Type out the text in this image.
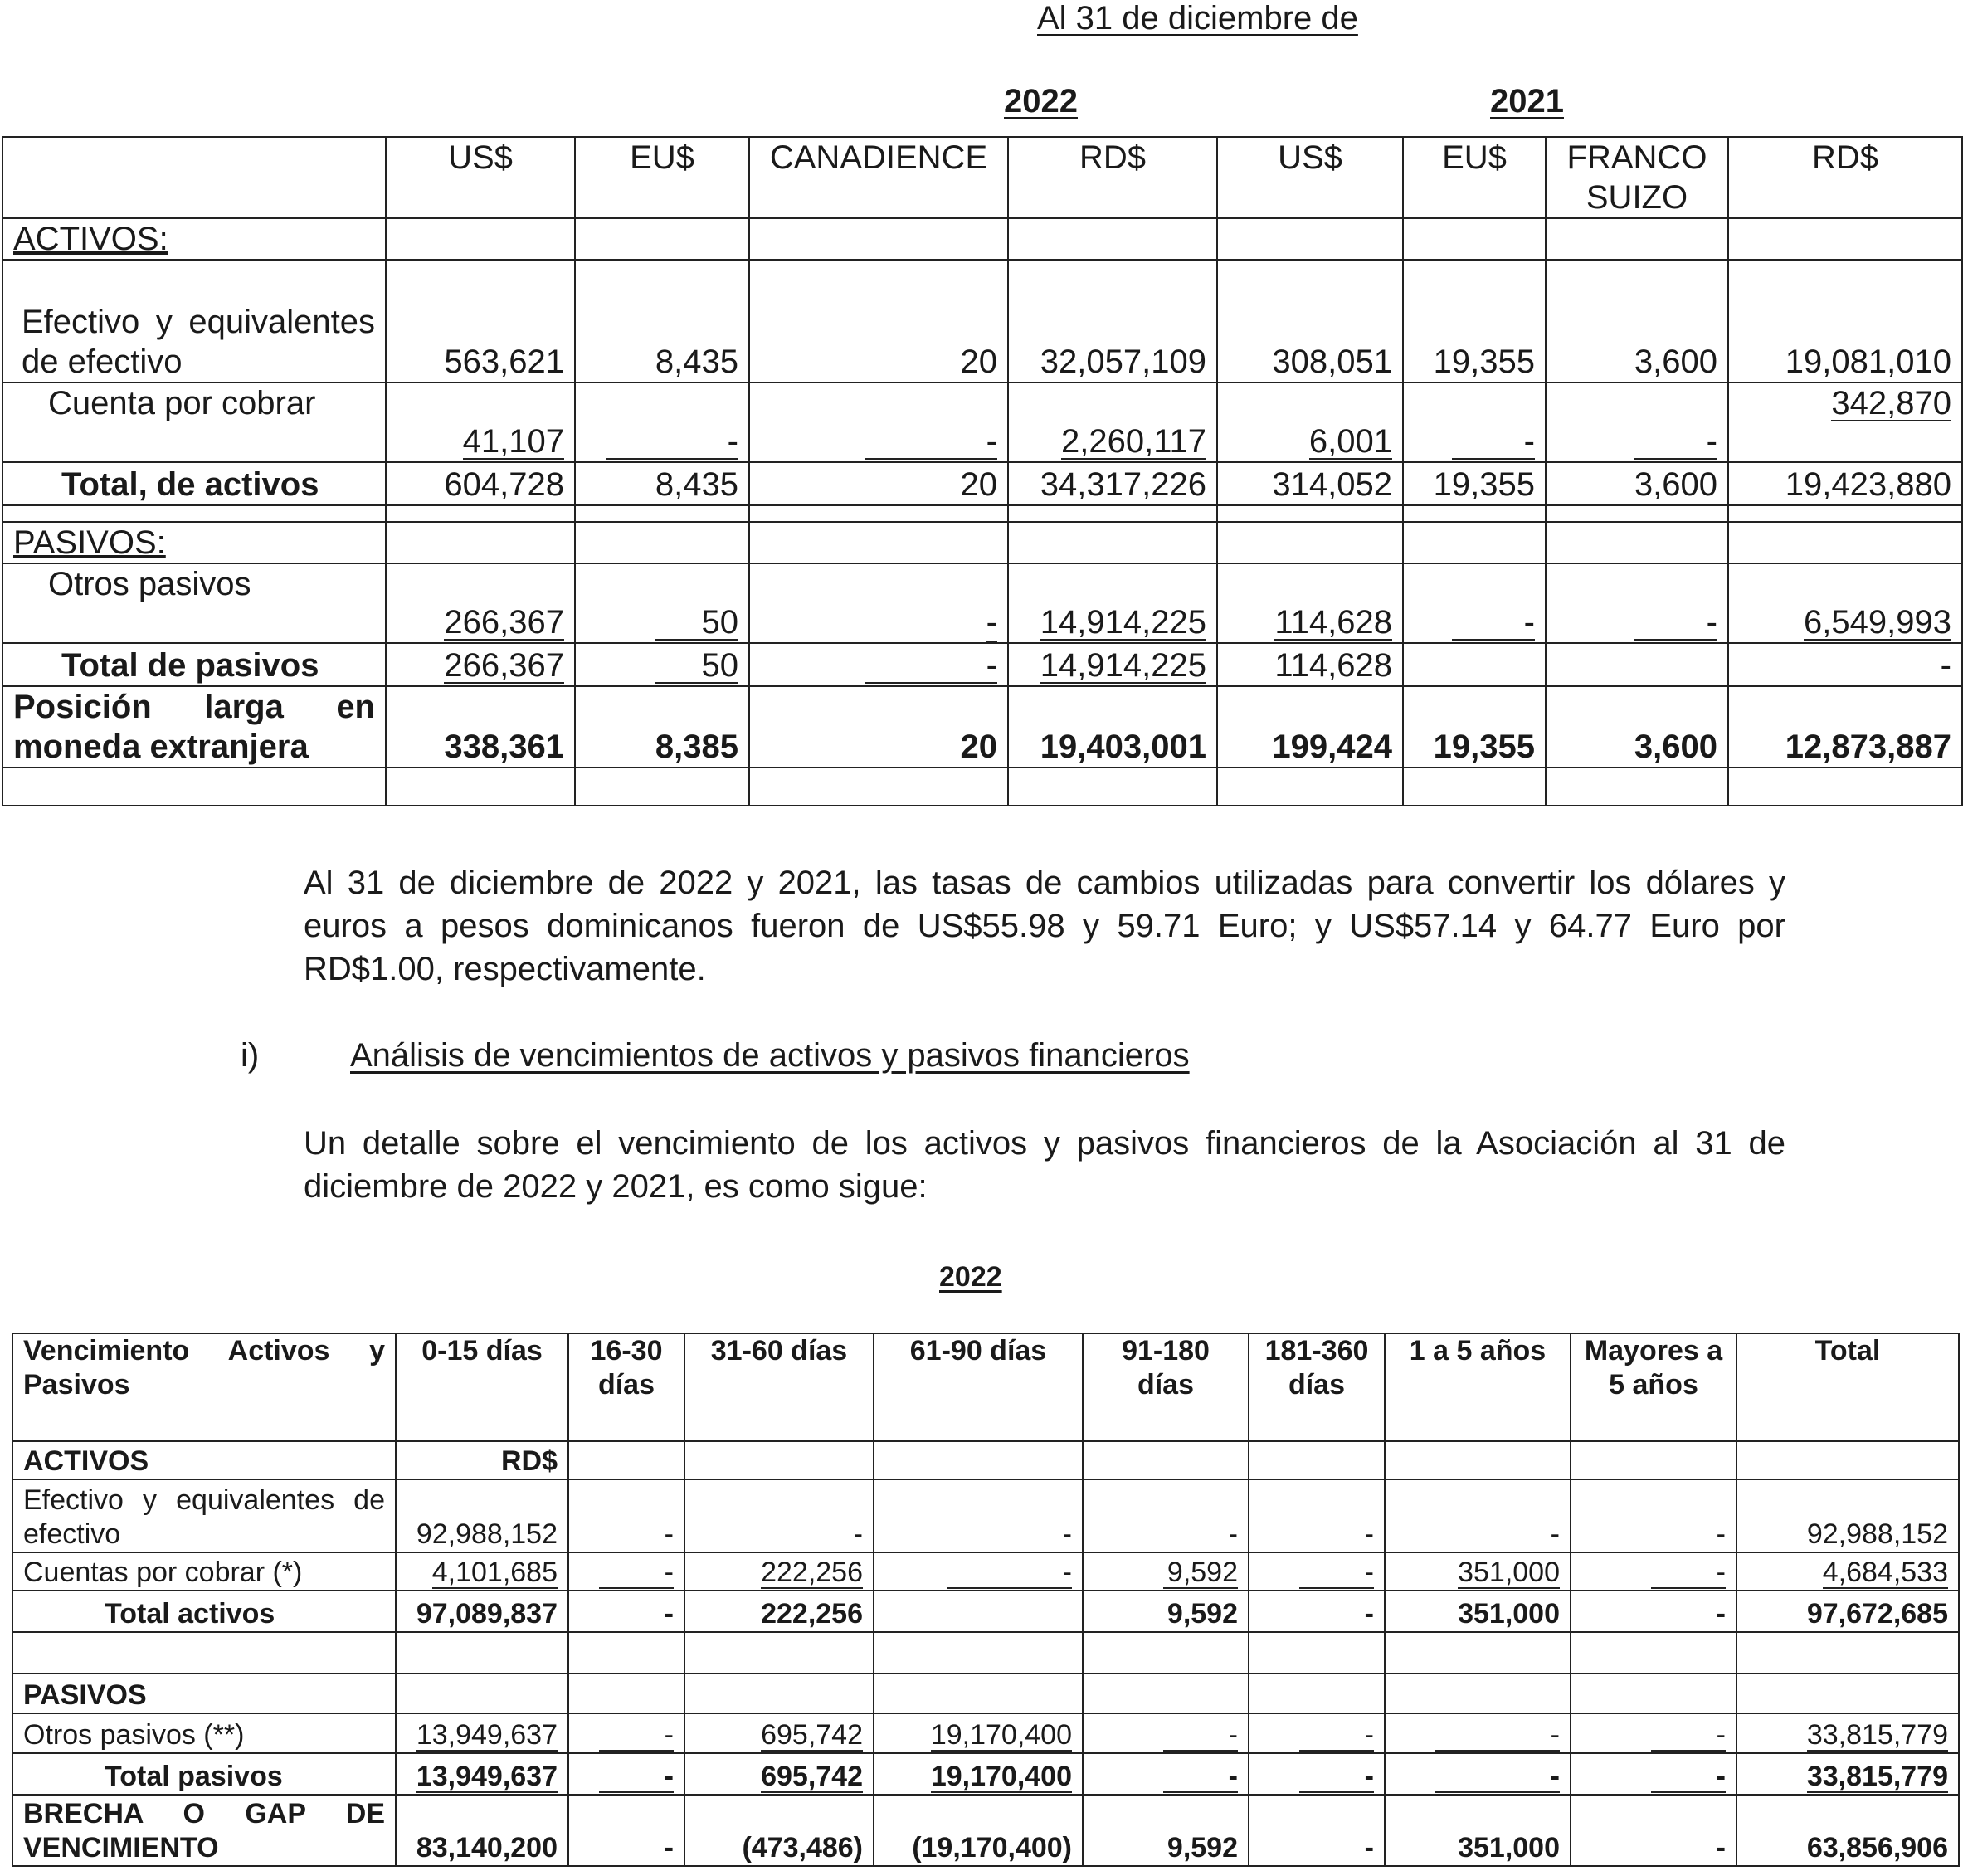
Al 31 de diciembre de
2022	2021
	US$	EU$	CANADIENCE	RD$	US$	EU$	FRANCO SUIZO	RD$
ACTIVOS:								

Efectivo y equivalentes de efectivo	563,621	8,435	20	32,057,109	308,051	19,355	3,600	19,081,010
Cuenta por cobrar	41,107	-	-	2,260,117	6,001	-	-	342,870
Total, de activos	604,728	8,435	20	34,317,226	314,052	19,355	3,600	19,423,880

PASIVOS:								
Otros pasivos	266,367	50	-	14,914,225	114,628	-	-	6,549,993
Total de pasivos	266,367	50	-	14,914,225	114,628			-

Posición larga en moneda extranjera	338,361	8,385	20	19,403,001	199,424	19,355	3,600	12,873,887

Al 31 de diciembre de 2022 y 2021, las tasas de cambios utilizadas para convertir los dólares y euros a pesos dominicanos fueron de US$55.98 y 59.71 Euro; y US$57.14 y 64.77 Euro por RD$1.00, respectivamente.
i)	Análisis de vencimientos de activos y pasivos financieros
Un detalle sobre el vencimiento de los activos y pasivos financieros de la Asociación al 31 de diciembre de 2022 y 2021, es como sigue:
2022
Vencimiento Activos y Pasivos	0-15 días	16-30 días	31-60 días	61-90 días	91-180 días	181-360 días	1 a 5 años	Mayores a 5 años	Total
ACTIVOS	RD$								

Efectivo y equivalentes de efectivo	92,988,152	-	-	-	-	-	-	-	92,988,152
Cuentas por cobrar (*)	4,101,685	-	222,256	-	9,592	-	351,000	-	4,684,533
Total activos	97,089,837	-	222,256		9,592	-	351,000	-	97,672,685

PASIVOS									
Otros pasivos (**)	13,949,637	-	695,742	19,170,400	-	-	-	-	33,815,779
Total pasivos	13,949,637	-	695,742	19,170,400	-	-	-	-	33,815,779

BRECHA O GAP DE VENCIMIENTO	83,140,200	-	(473,486)	(19,170,400)	9,592	-	351,000	-	63,856,906
